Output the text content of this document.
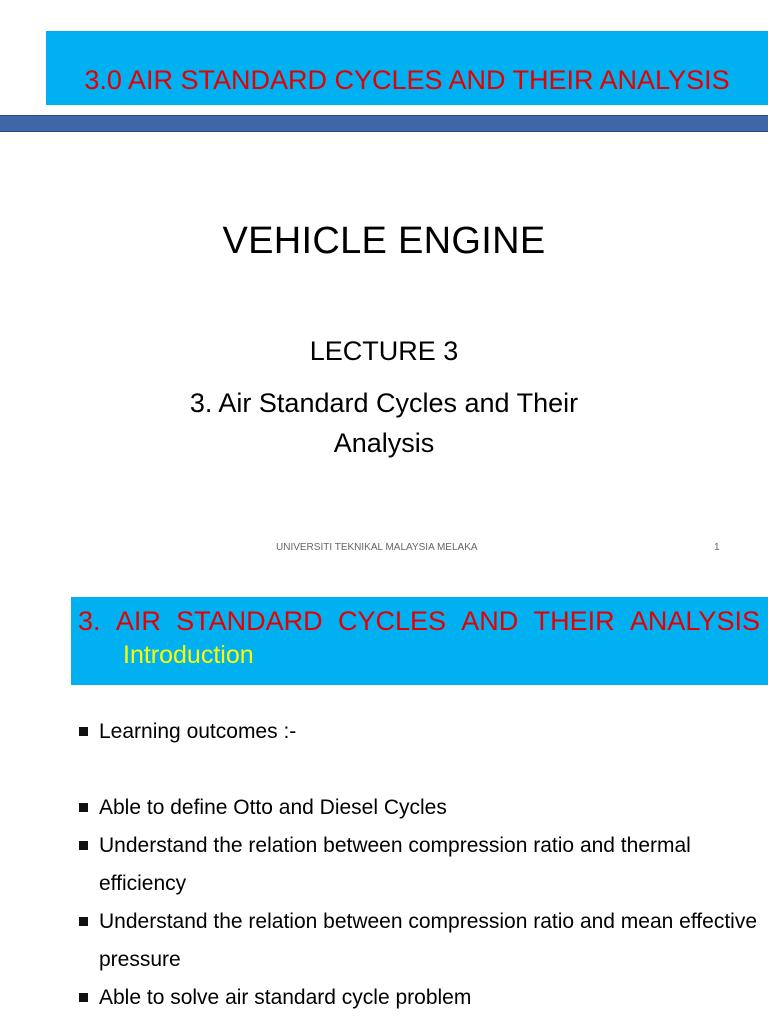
3.0 AIR STANDARD CYCLES AND THEIR ANALYSIS
VEHICLE ENGINE
LECTURE 3
3. Air Standard Cycles and Their Analysis
UNIVERSITI TEKNIKAL MALAYSIA MELAKA	1
3. AIR STANDARD CYCLES AND THEIR ANALYSIS
Introduction
Learning outcomes :-
Able to define Otto and Diesel Cycles
Understand the relation between compression ratio and thermal efficiency
Understand the relation between compression ratio and mean effective pressure
Able to solve air standard cycle problem
